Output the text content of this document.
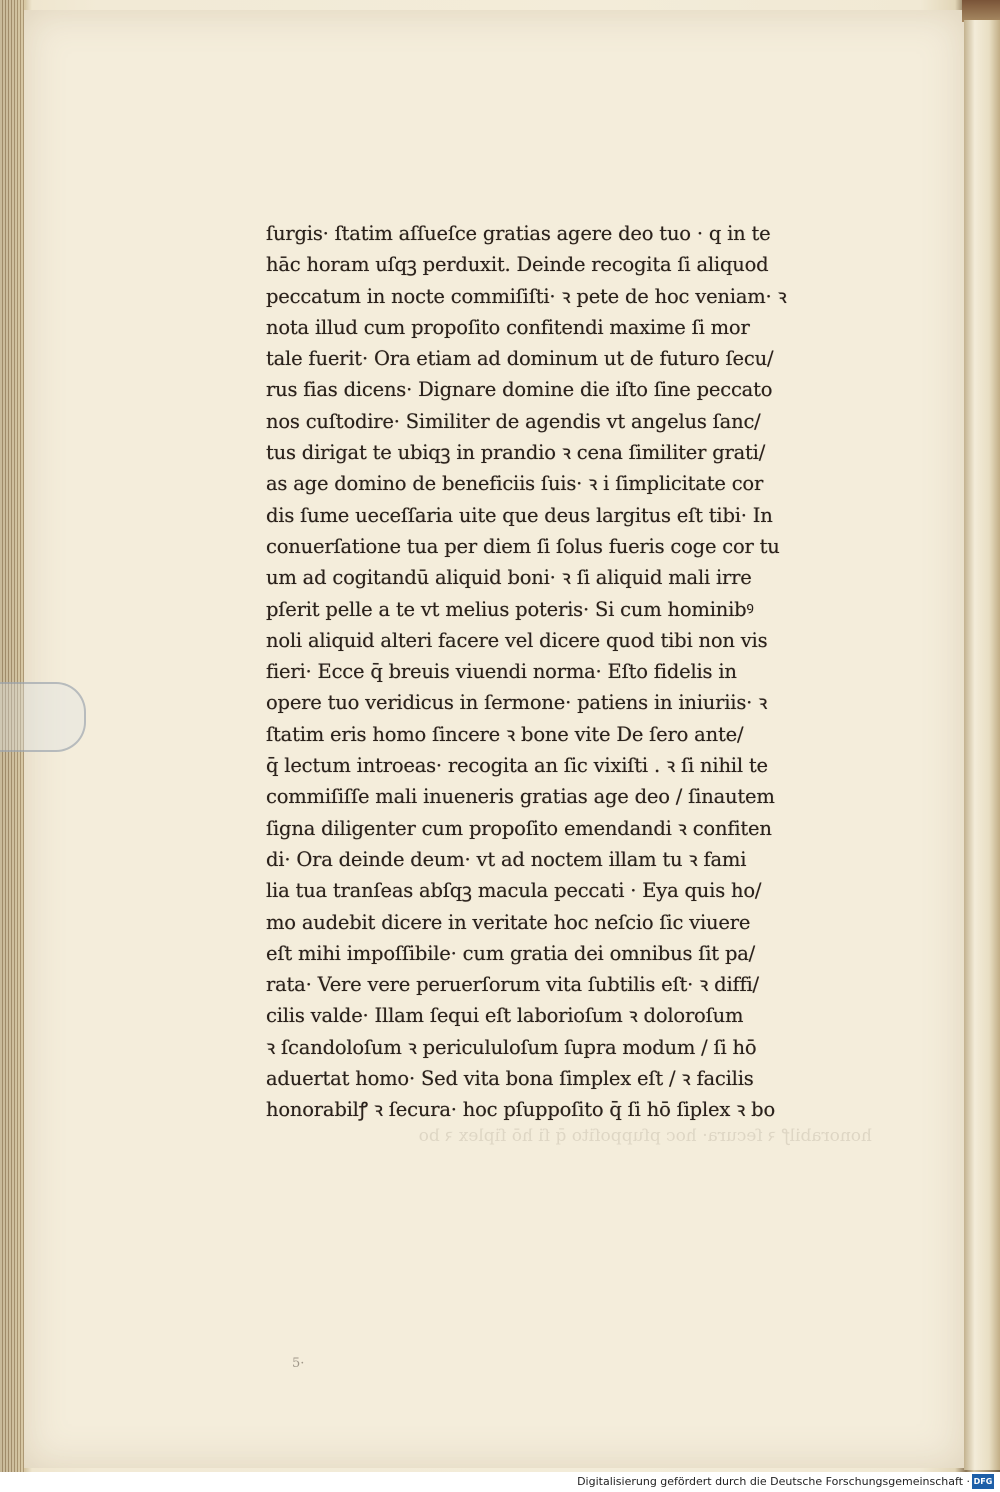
ſurgis· ſtatim aſſueſce gratias agere deo tuo · q in te
hāc horam uſqꝫ perduxit. Deinde recogita ſi aliquod
peccatum in nocte commiſiſti· ꝛ pete de hoc veniam· ꝛ
nota illud cum propoſito confitendi maxime ſi mor
tale fuerit· Ora etiam ad dominum ut de futuro ſecu/
rus fias dicens· Dignare domine die iſto ſine peccato
nos cuſtodire· Similiter de agendis vt angelus ſanc/
tus dirigat te ubiqꝫ in prandio ꝛ cena ſimiliter grati/
as age domino de beneficiis ſuis· ꝛ i ſimplicitate cor
dis ſume ueceſſaria uite que deus largitus eſt tibi· In
conuerſatione tua per diem ſi ſolus fueris coge cor tu
um ad cogitandū aliquid boni· ꝛ ſi aliquid mali irre
pſerit pelle a te vt melius poteris· Si cum hominibꝰ
noli aliquid alteri facere vel dicere quod tibi non vis
fieri· Ecce q̄ breuis viuendi norma· Eſto fidelis in
opere tuo veridicus in ſermone· patiens in iniuriis· ꝛ
ſtatim eris homo ſincere ꝛ bone vite De ſero ante/
q̄ lectum introeas· recogita an ſic vixiſti . ꝛ ſi nihil te
commiſiſſe mali inueneris gratias age deo / ſinautem
ſigna diligenter cum propoſito emendandi ꝛ confiten
di· Ora deinde deum· vt ad noctem illam tu ꝛ fami
lia tua tranſeas abſqꝫ macula peccati · Eya quis ho/
mo audebit dicere in veritate hoc neſcio ſic viuere
eſt mihi impoſſibile· cum gratia dei omnibus ſit pa/
rata· Vere vere peruerſorum vita ſubtilis eſt· ꝛ diffi/
cilis valde· Illam ſequi eſt laborioſum ꝛ doloroſum
ꝛ ſcandoloſum ꝛ pericululoſum ſupra modum / ſi hō
aduertat homo· Sed vita bona ſimplex eſt / ꝛ facilis
honorabilꝭ ꝛ ſecura· hoc pſuppoſito q̄ ſi hō ſiplex ꝛ bo
honorabilꝭ ꝛ ſecura· hoc pſuppoſito q̄ ſi hō ſiplex ꝛ bo
5·
Digitalisierung gefördert durch die Deutsche Forschungsgemeinschaft · DFG
